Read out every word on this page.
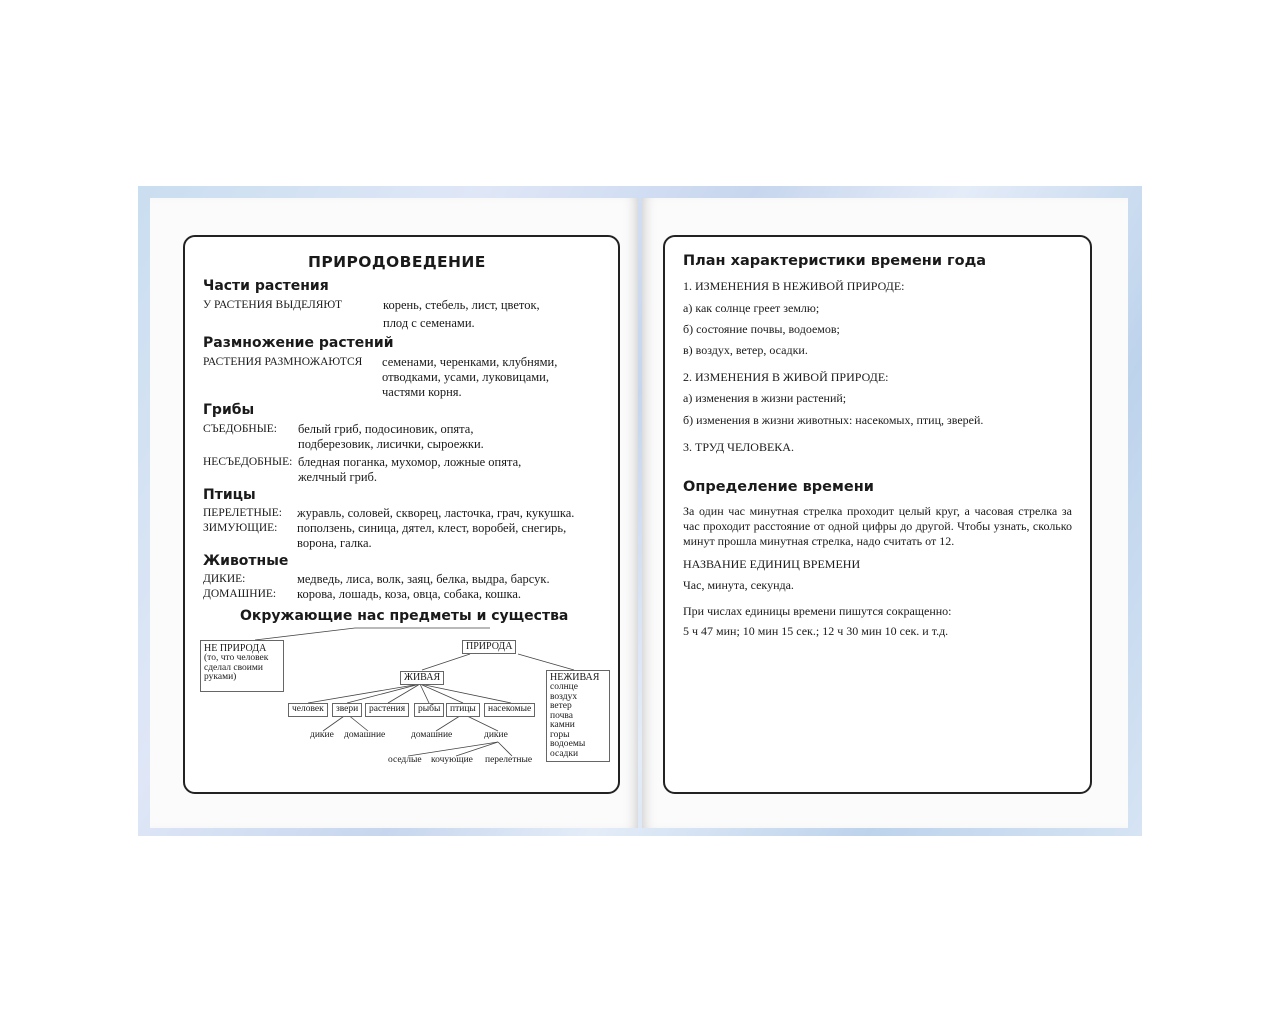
ПРИРОДОВЕДЕНИЕ
Части растения
У РАСТЕНИЯ ВЫДЕЛЯЮТ	корень, стебель, лист, цветок,
плод с семенами.
Размножение растений
РАСТЕНИЯ РАЗМНОЖАЮТСЯ семенами, черенками, клубнями,
отводками, усами, луковицами,
частями корня.
Грибы
СЪЕДОБНЫЕ: белый гриб, подосиновик, опята,
подберезовик, лисички, сыроежки.
НЕСЪЕДОБНЫЕ: бледная поганка, мухомор, ложные опята,
желчный гриб.
Птицы
ПЕРЕЛЕТНЫЕ: журавль, соловей, скворец, ласточка, грач, кукушка.
ЗИМУЮЩИЕ: поползень, синица, дятел, клест, воробей, снегирь,
ворона, галка.
Животные
ДИКИЕ:	медведь, лиса, волк, заяц, белка, выдра, барсук.
ДОМАШНИЕ: корова, лошадь, коза, овца, собака, кошка.
Окружающие нас предметы и существа
НЕ ПРИРОДА
(то, что человек
сделал своими
руками)
ПРИРОДА
ЖИВАЯ	НЕЖИВАЯ
солнце
воздух
ветер
почва
камни
горы
водоемы
осадки
человек	звери	растения	рыбы	птицы	насекомые
дикие домашние	домашние	дикие
оседлые кочующие перелетные
План характеристики времени года
1. ИЗМЕНЕНИЯ В НЕЖИВОЙ ПРИРОДЕ:
а) как солнце греет землю;
б) состояние почвы, водоемов;
в) воздух, ветер, осадки.
2. ИЗМЕНЕНИЯ В ЖИВОЙ ПРИРОДЕ:
а) изменения в жизни растений;
б) изменения в жизни животных: насекомых, птиц, зверей.
3. ТРУД ЧЕЛОВЕКА.
Определение времени
За один час минутная стрелка проходит целый круг, а часовая стрелка за час проходит расстояние от одной цифры до другой. Чтобы узнать, сколько минут прошла минутная стрелка, надо считать от 12.
НАЗВАНИЕ ЕДИНИЦ ВРЕМЕНИ
Час, минута, секунда.
При числах единицы времени пишутся сокращенно:
5 ч 47 мин; 10 мин 15 сек.; 12 ч 30 мин 10 сек. и т.д.
